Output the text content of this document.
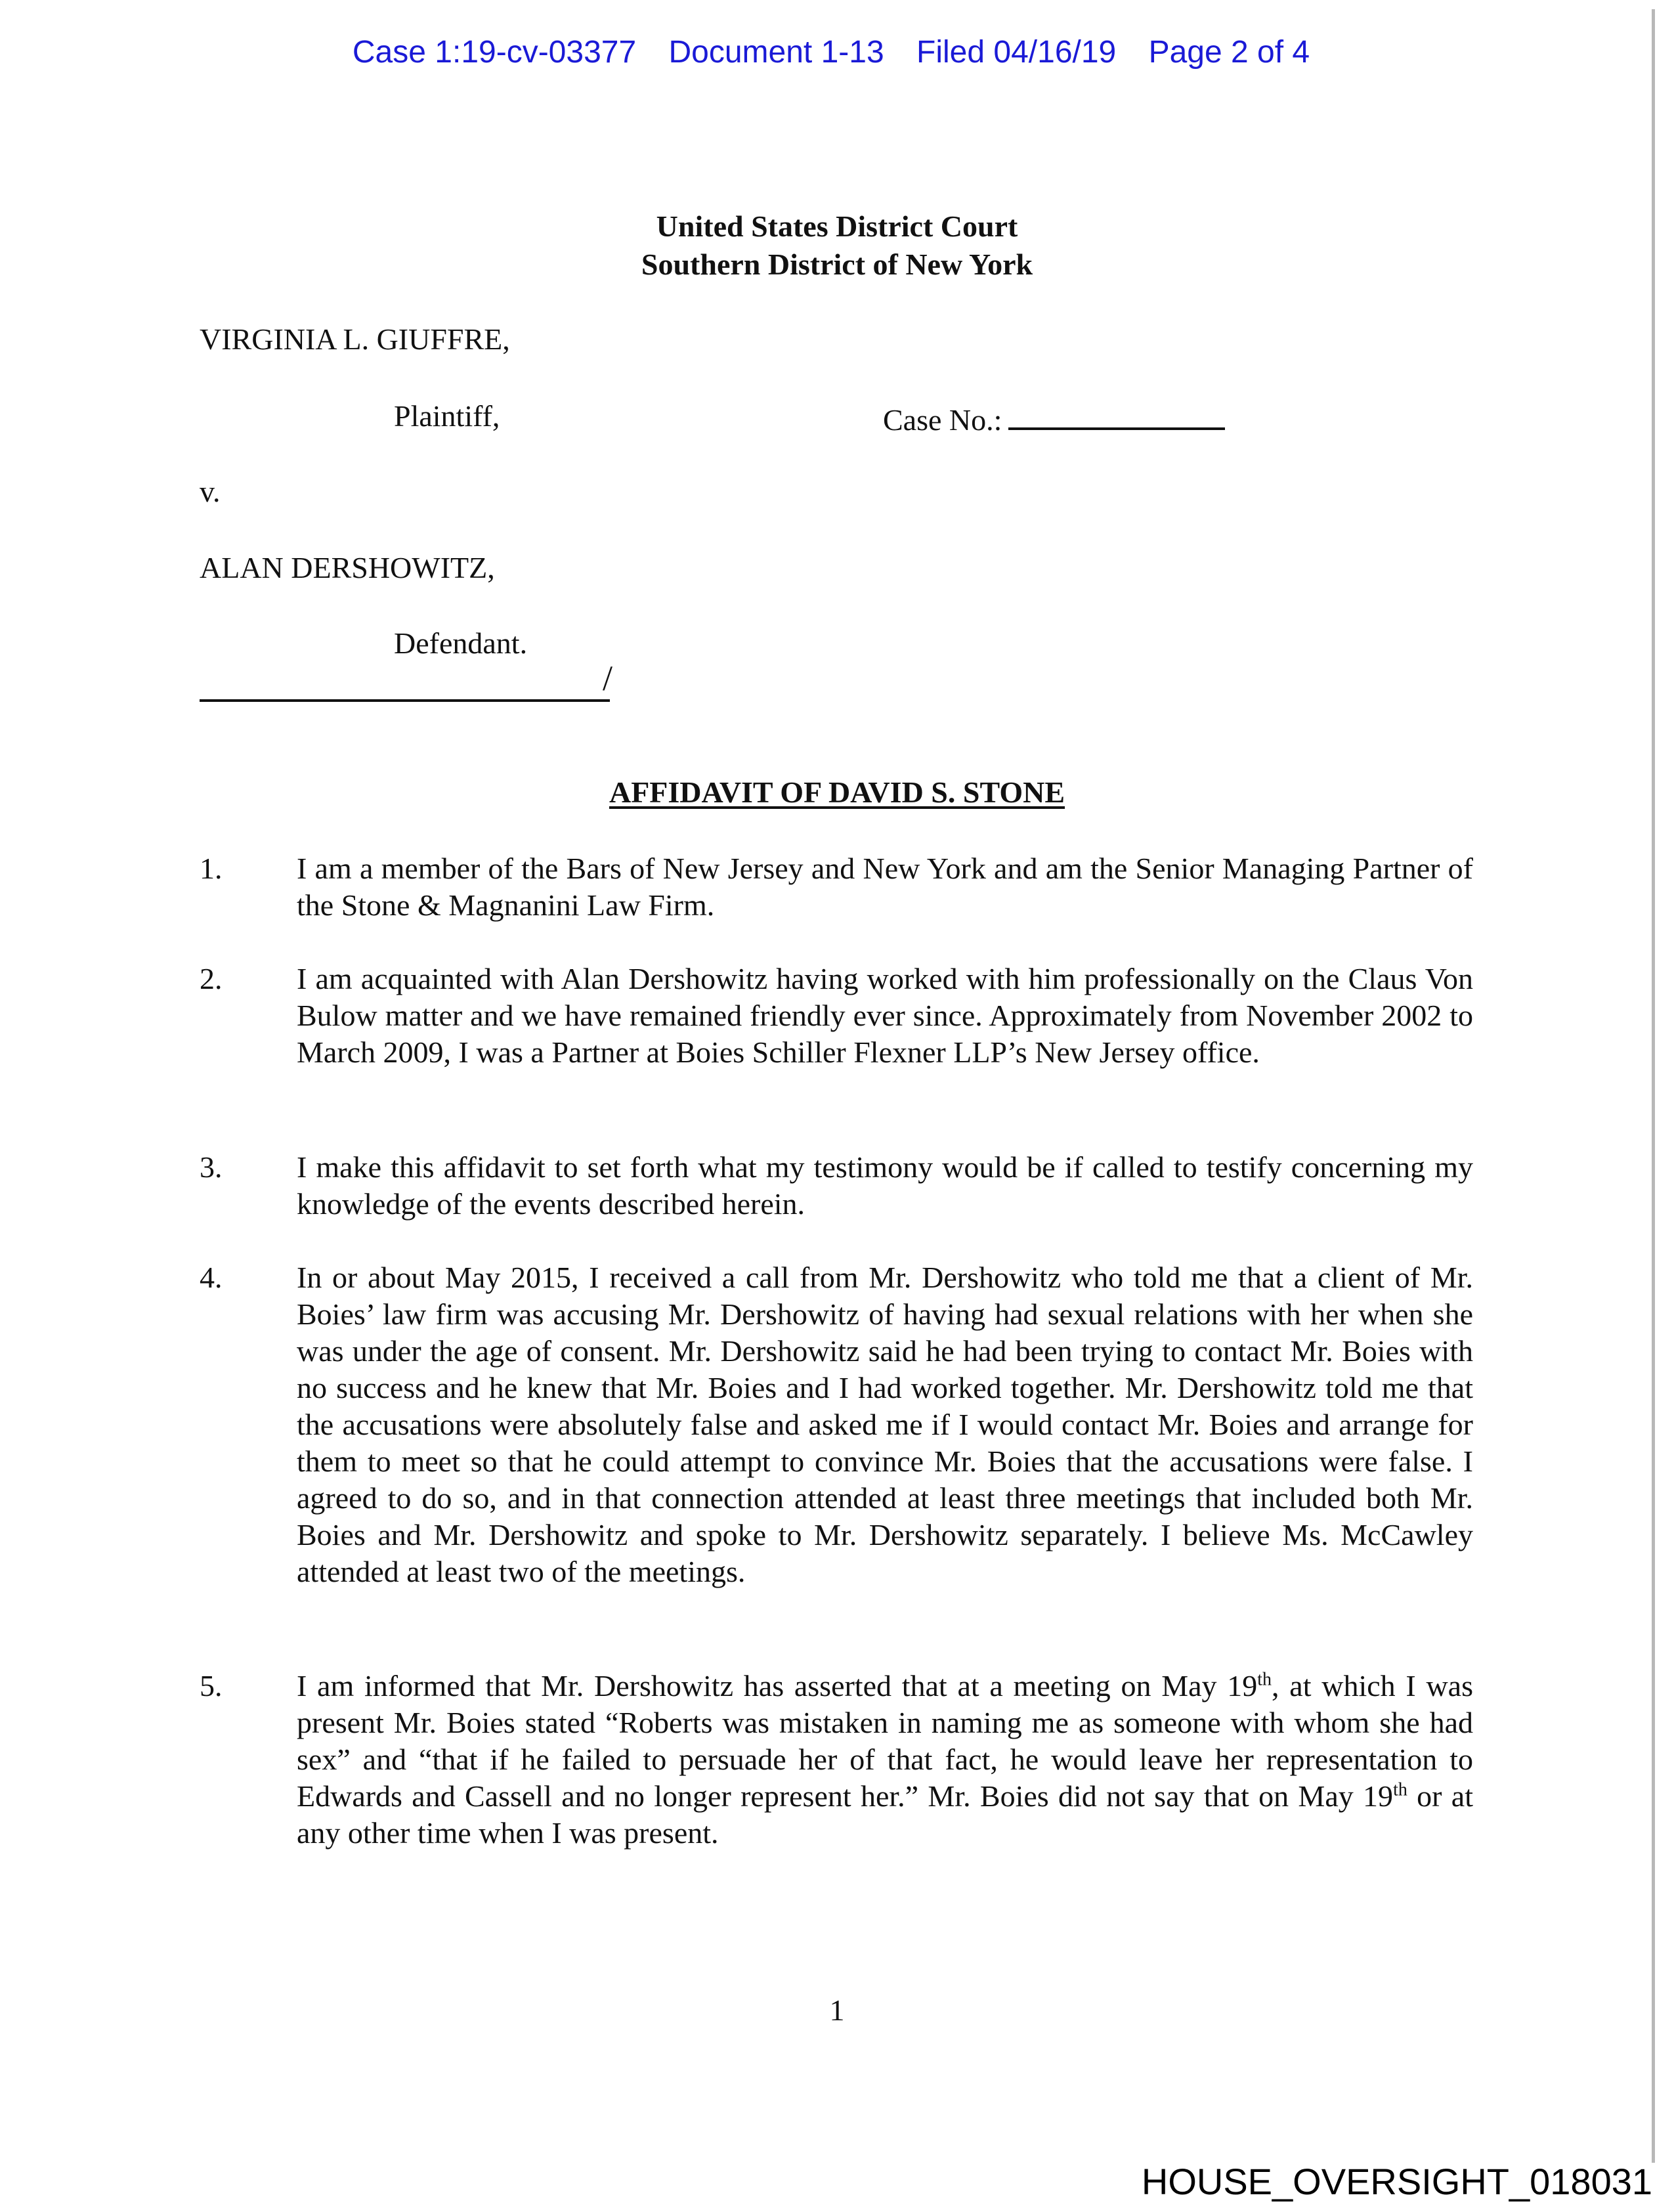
Case 1:19-cv-03377 Document 1-13 Filed 04/16/19 Page 2 of 4
United States District Court
Southern District of New York
VIRGINIA L. GIUFFRE,
Plaintiff,	Case No.:
v.
ALAN DERSHOWITZ,
Defendant.
/
AFFIDAVIT OF DAVID S. STONE
1. I am a member of the Bars of New Jersey and New York and am the Senior Managing Partner of the Stone & Magnanini Law Firm.
2. I am acquainted with Alan Dershowitz having worked with him professionally on the Claus Von Bulow matter and we have remained friendly ever since. Approximately from November 2002 to March 2009, I was a Partner at Boies Schiller Flexner LLP’s New Jersey office.
3. I make this affidavit to set forth what my testimony would be if called to testify concerning my knowledge of the events described herein.
4. In or about May 2015, I received a call from Mr. Dershowitz who told me that a client of Mr. Boies’ law firm was accusing Mr. Dershowitz of having had sexual relations with her when she was under the age of consent. Mr. Dershowitz said he had been trying to contact Mr. Boies with no success and he knew that Mr. Boies and I had worked together. Mr. Dershowitz told me that the accusations were absolutely false and asked me if I would contact Mr. Boies and arrange for them to meet so that he could attempt to convince Mr. Boies that the accusations were false. I agreed to do so, and in that connection attended at least three meetings that included both Mr. Boies and Mr. Dershowitz and spoke to Mr. Dershowitz separately. I believe Ms. McCawley attended at least two of the meetings.
5. I am informed that Mr. Dershowitz has asserted that at a meeting on May 19th, at which I was present Mr. Boies stated “Roberts was mistaken in naming me as someone with whom she had sex” and “that if he failed to persuade her of that fact, he would leave her representation to Edwards and Cassell and no longer represent her.” Mr. Boies did not say that on May 19th or at any other time when I was present.
1
HOUSE_OVERSIGHT_018031
